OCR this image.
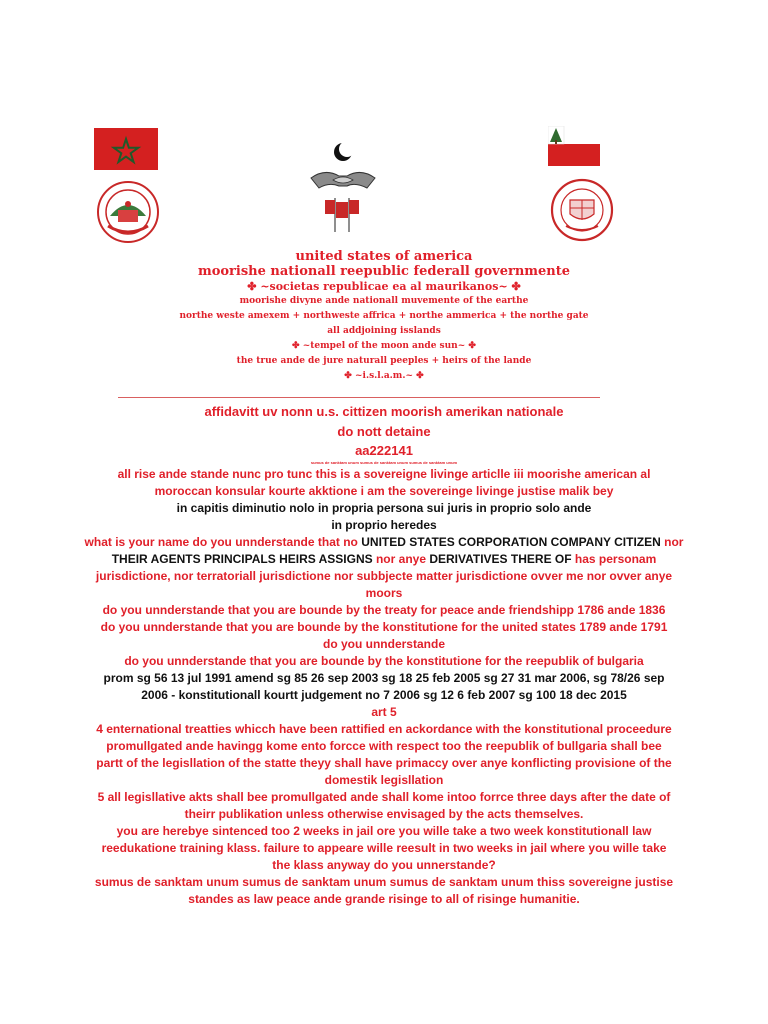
united states of america
moorishe nationall reepublic federall governmente
✤ ~societas republicae ea al maurikanos~ ✤
moorishe divyne ande nationall muvemente of the earthe
northe weste amexem + northweste affrica + northe ammerica + the northe gate
all addjoining isslands
✤ ~tempel of the moon ande sun~ ✤
the true ande de jure naturall peeples + heirs of the lande
✤ ~i.s.l.a.m.~ ✤

affidavitt uv nonn u.s. cittizen moorish amerikan nationale

do nott detaine

aa222141

sumus de sanktam unum sumus de sanktam unum sumus de sanktam unum

all rise ande stande nunc pro tunc this is a sovereigne livinge articlle iii moorishe american al

moroccan konsular kourte akktione i am the sovereinge livinge justise malik bey

in capitis diminutio nolo in propria persona sui juris in proprio solo ande

in proprio heredes

what is your name do you unnderstande that no UNITED STATES CORPORATION COMPANY CITIZEN nor

THEIR AGENTS PRINCIPALS HEIRS ASSIGNS nor anye DERIVATIVES THERE OF has personam

jurisdictione, nor terratoriall jurisdictione nor subbjecte matter jurisdictione ovver me nor ovver anye

moors

do you unnderstande that you are bounde by the treaty for peace ande friendshipp 1786 ande 1836

do you unnderstande that you are bounde by the konstitutione for the united states 1789 ande 1791

do you unnderstande

do you unnderstande that you are bounde by the konstitutione for the reepublik of bulgaria

prom sg 56 13 jul 1991 amend sg 85 26 sep 2003 sg 18 25 feb 2005 sg 27 31 mar 2006, sg 78/26 sep

2006 - konstitutionall kourtt judgement no 7 2006 sg 12 6 feb 2007 sg 100 18 dec 2015

art 5

4 enternational treatties whicch have been rattified en ackordance with the konstitutional proceedure

promullgated ande havingg kome ento forcce with respect too the reepublik of bullgaria shall bee

partt of the legisllation of the statte theyy shall have primaccy over anye konflicting provisione of the

domestik legisllation

5 all legisllative akts shall bee promullgated ande shall kome intoo forrce three days after the date of

theirr publikation unless otherwise envisaged by the acts themselves.

you are herebye sintenced too 2 weeks in jail ore you wille take a two week konstitutionall law

reedukatione training klass. failure to appeare wille reesult in two weeks in jail where you wille take

the klass anyway do you unnerstande?

sumus de sanktam unum sumus de sanktam unum sumus de sanktam unum thiss sovereigne justise

standes as law peace ande grande risinge to all of risinge humanitie.
